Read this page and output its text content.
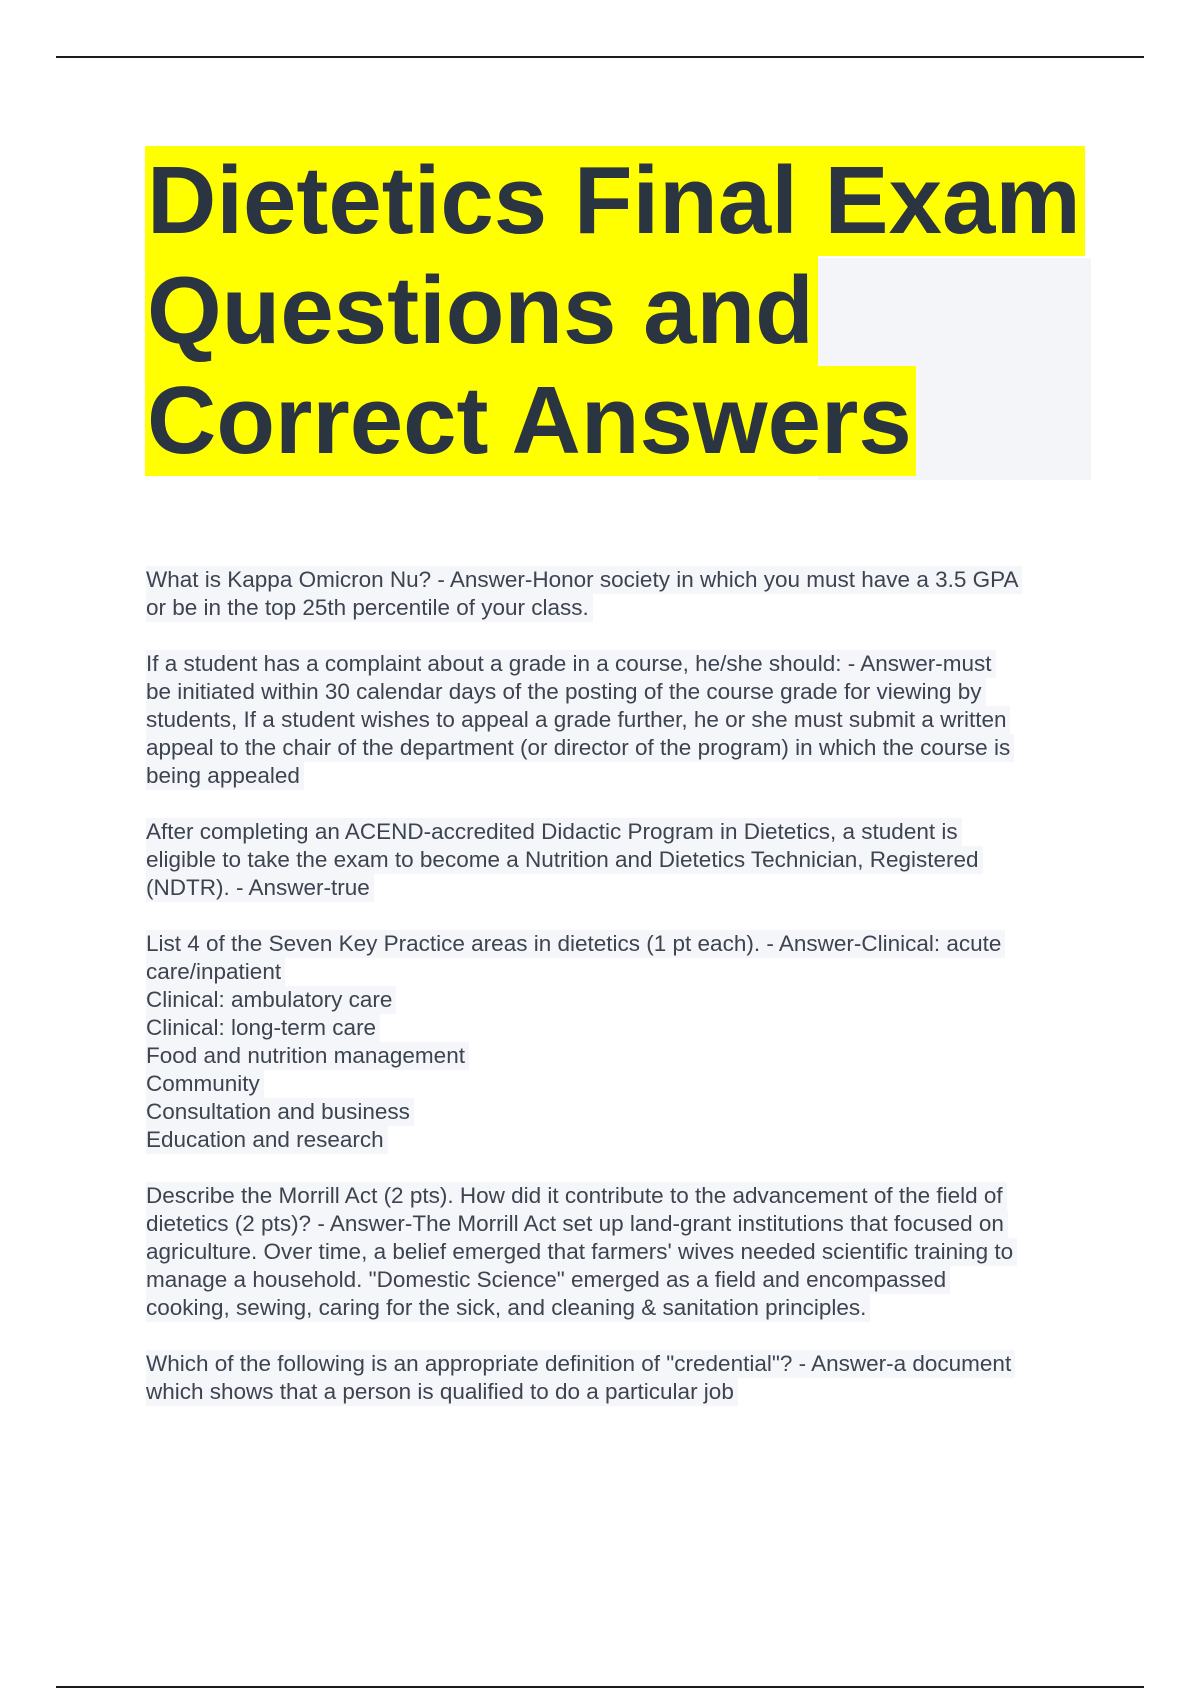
Dietetics Final Exam
Questions and
Correct Answers
What is Kappa Omicron Nu? - Answer-Honor society in which you must have a 3.5 GPA
or be in the top 25th percentile of your class.
If a student has a complaint about a grade in a course, he/she should: - Answer-must
be initiated within 30 calendar days of the posting of the course grade for viewing by
students, If a student wishes to appeal a grade further, he or she must submit a written
appeal to the chair of the department (or director of the program) in which the course is
being appealed
After completing an ACEND-accredited Didactic Program in Dietetics, a student is
eligible to take the exam to become a Nutrition and Dietetics Technician, Registered
(NDTR). - Answer-true
List 4 of the Seven Key Practice areas in dietetics (1 pt each). - Answer-Clinical: acute
care/inpatient
Clinical: ambulatory care
Clinical: long-term care
Food and nutrition management
Community
Consultation and business
Education and research
Describe the Morrill Act (2 pts). How did it contribute to the advancement of the field of
dietetics (2 pts)? - Answer-The Morrill Act set up land-grant institutions that focused on
agriculture. Over time, a belief emerged that farmers' wives needed scientific training to
manage a household. "Domestic Science" emerged as a field and encompassed
cooking, sewing, caring for the sick, and cleaning & sanitation principles.
Which of the following is an appropriate definition of "credential"? - Answer-a document
which shows that a person is qualified to do a particular job
